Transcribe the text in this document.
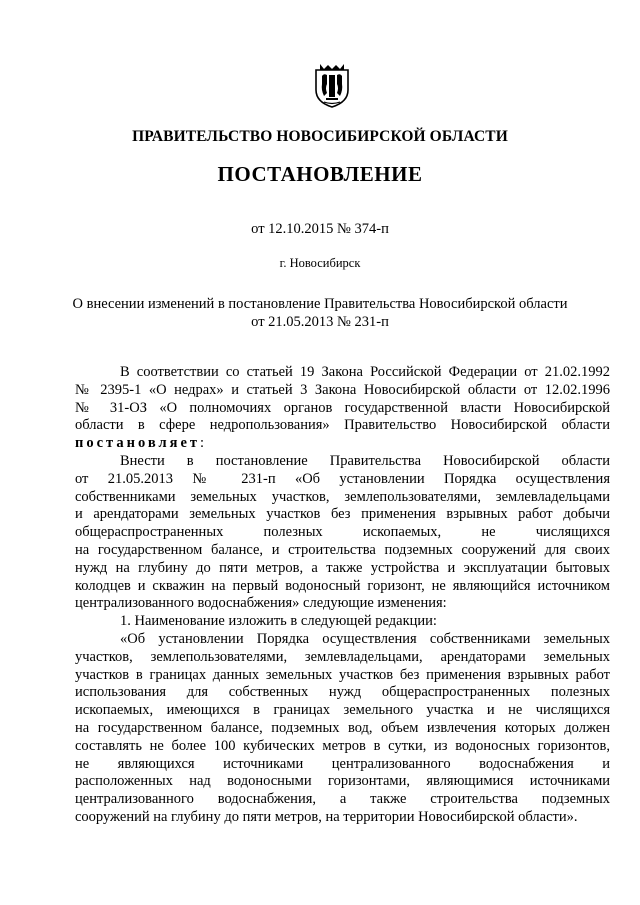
ПРАВИТЕЛЬСТВО НОВОСИБИРСКОЙ ОБЛАСТИ
ПОСТАНОВЛЕНИЕ
от 12.10.2015 № 374-п
г. Новосибирск
О внесении изменений в постановление Правительства Новосибирской области
от 21.05.2013 № 231-п
В соответствии со статьей 19 Закона Российской Федерации от 21.02.1992
№ 2395-1 «О недрах» и статьей 3 Закона Новосибирской области от 12.02.1996
№ 31-ОЗ «О полномочиях органов государственной власти Новосибирской
области в сфере недропользования» Правительство Новосибирской области
постановляет:
Внести в постановление Правительства Новосибирской области
от 21.05.2013 № 231-п «Об установлении Порядка осуществления
собственниками земельных участков, землепользователями, землевладельцами
и арендаторами земельных участков без применения взрывных работ добычи
общераспространенных полезных ископаемых, не числящихся
на государственном балансе, и строительства подземных сооружений для своих
нужд на глубину до пяти метров, а также устройства и эксплуатации бытовых
колодцев и скважин на первый водоносный горизонт, не являющийся источником
централизованного водоснабжения» следующие изменения:
1. Наименование изложить в следующей редакции:
«Об установлении Порядка осуществления собственниками земельных
участков, землепользователями, землевладельцами, арендаторами земельных
участков в границах данных земельных участков без применения взрывных работ
использования для собственных нужд общераспространенных полезных
ископаемых, имеющихся в границах земельного участка и не числящихся
на государственном балансе, подземных вод, объем извлечения которых должен
составлять не более 100 кубических метров в сутки, из водоносных горизонтов,
не являющихся источниками централизованного водоснабжения и
расположенных над водоносными горизонтами, являющимися источниками
централизованного водоснабжения, а также строительства подземных
сооружений на глубину до пяти метров, на территории Новосибирской области».
